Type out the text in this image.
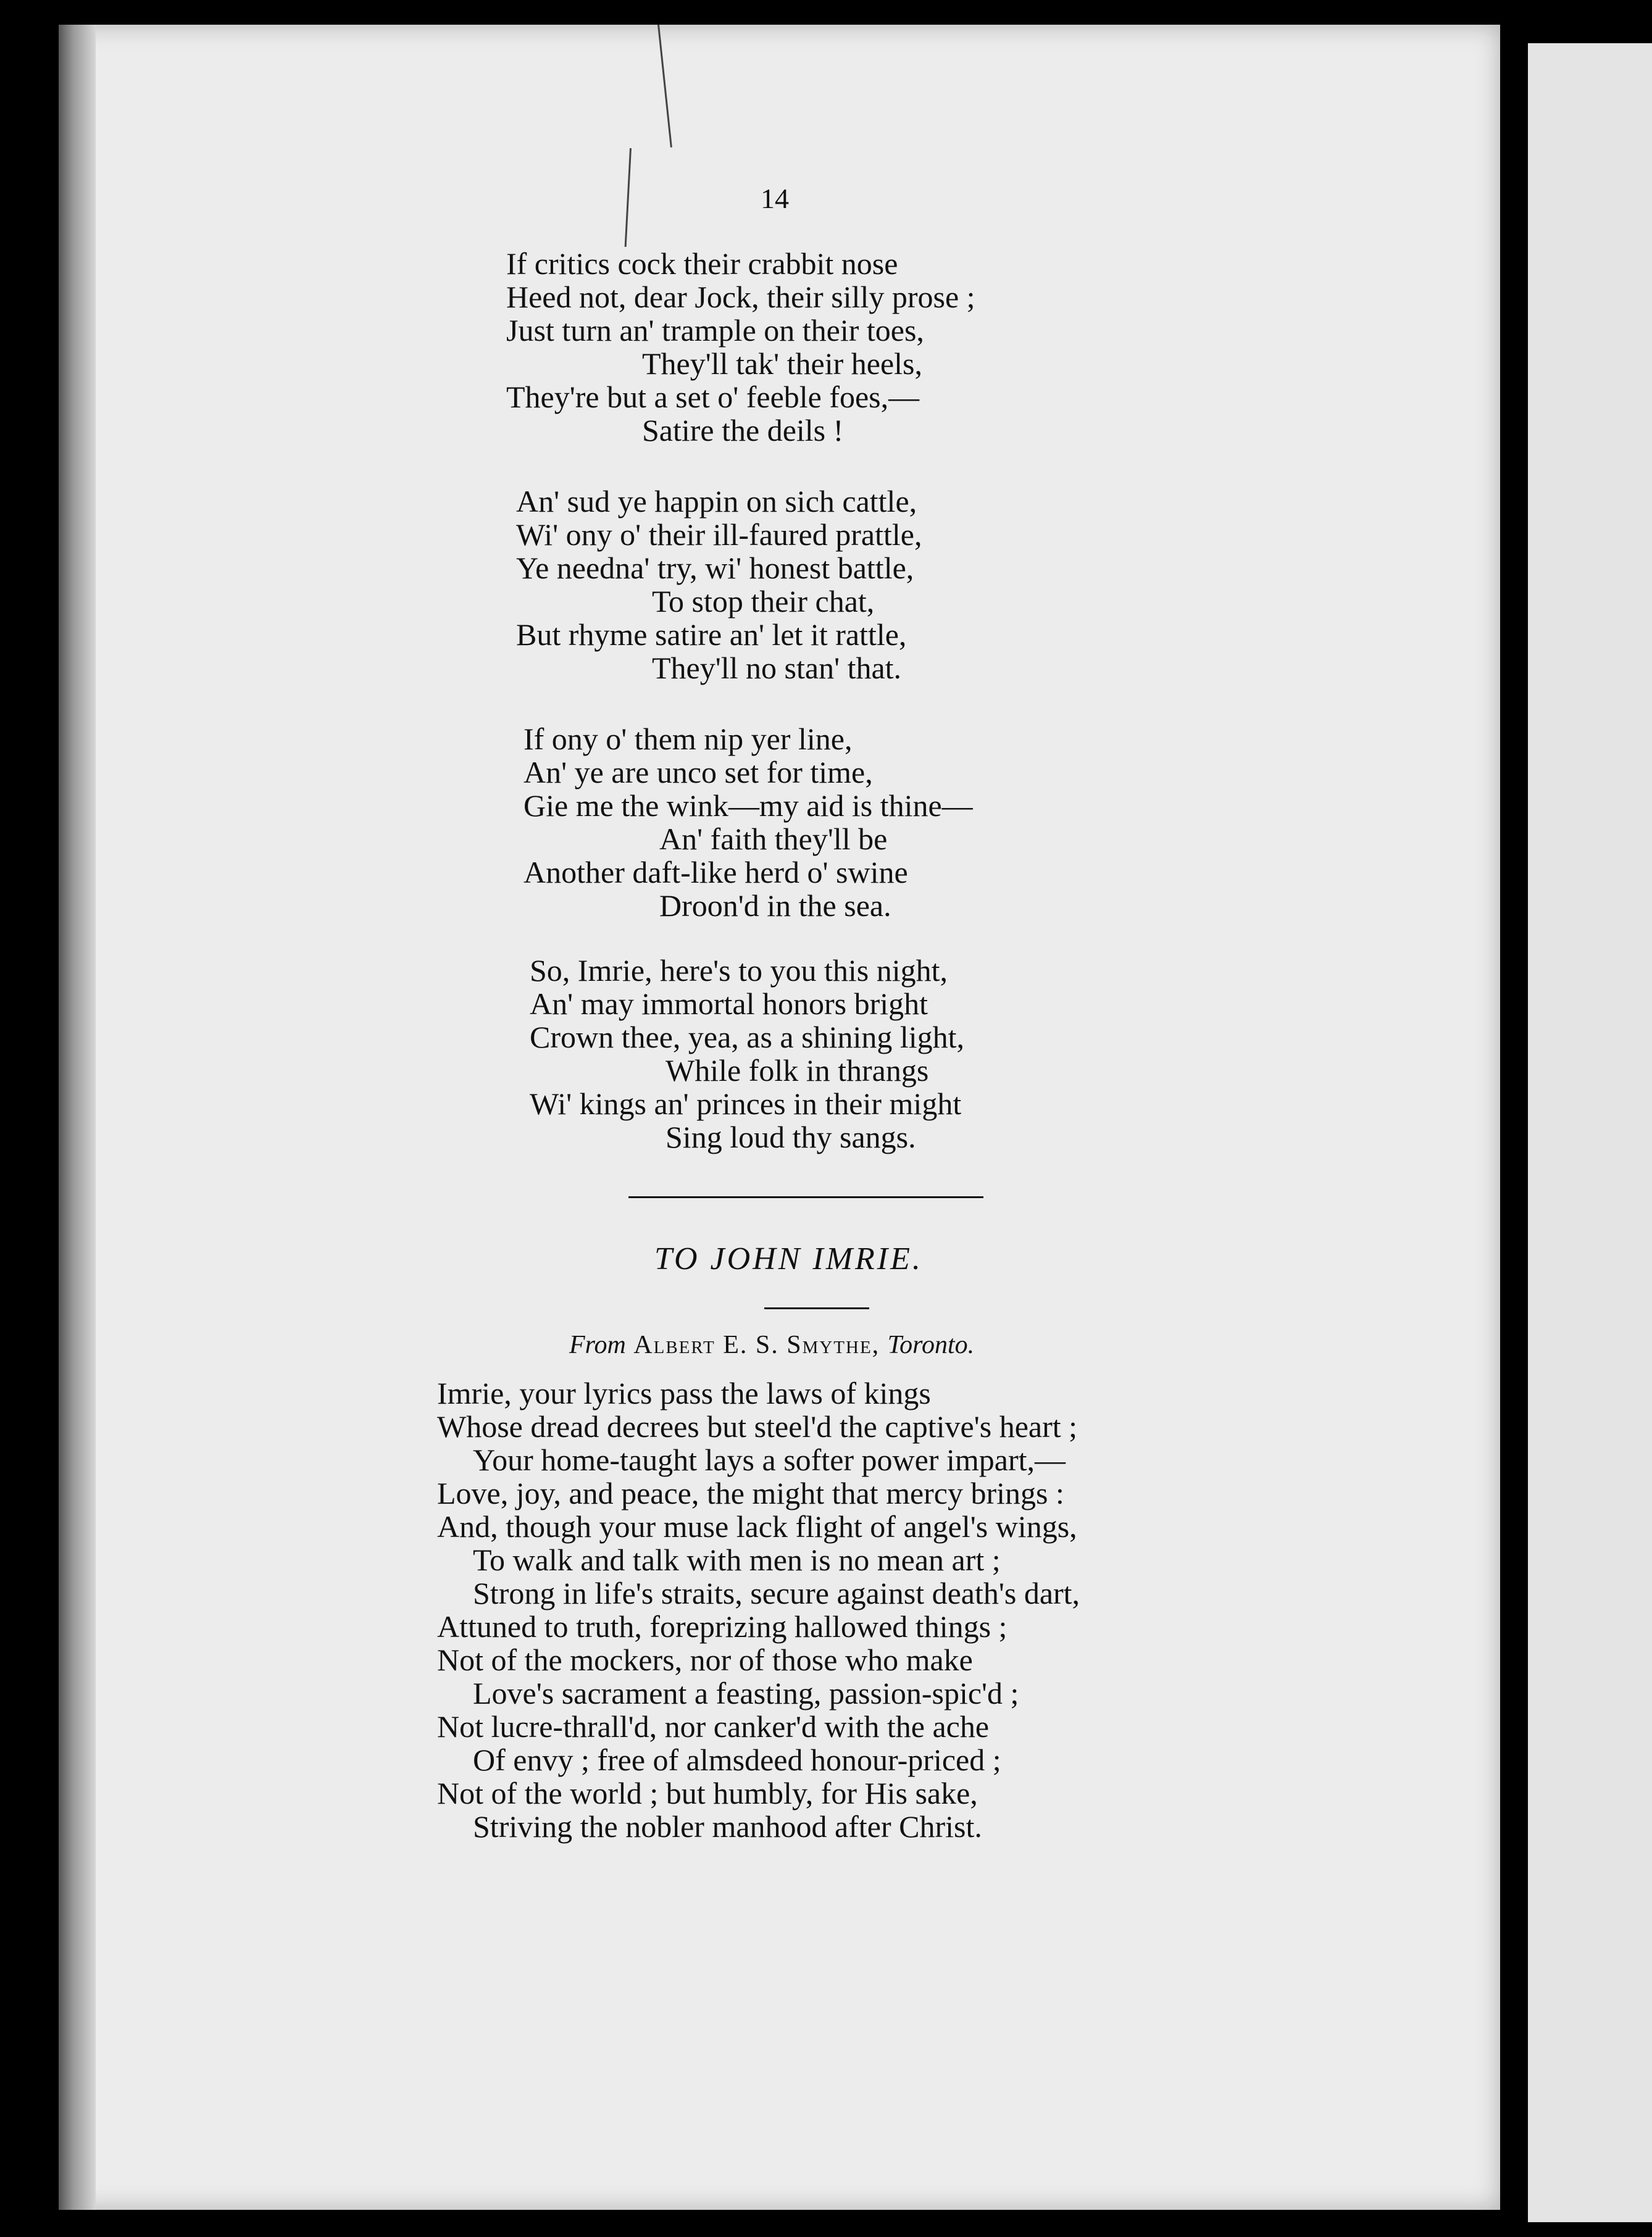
14
If critics cock their crabbit nose
Heed not, dear Jock, their silly prose ;
Just turn an' trample on their toes,
They'll tak' their heels,
They're but a set o' feeble foes,—
Satire the deils !
An' sud ye happin on sich cattle,
Wi' ony o' their ill-faured prattle,
Ye needna' try, wi' honest battle,
To stop their chat,
But rhyme satire an' let it rattle,
They'll no stan' that.
If ony o' them nip yer line,
An' ye are unco set for time,
Gie me the wink—my aid is thine—
An' faith they'll be
Another daft-like herd o' swine
Droon'd in the sea.
So, Imrie, here's to you this night,
An' may immortal honors bright
Crown thee, yea, as a shining light,
While folk in thrangs
Wi' kings an' princes in their might
Sing loud thy sangs.
TO JOHN IMRIE.
From Albert E. S. Smythe, Toronto.
Imrie, your lyrics pass the laws of kings
Whose dread decrees but steel'd the captive's heart ;
Your home-taught lays a softer power impart,—
Love, joy, and peace, the might that mercy brings :
And, though your muse lack flight of angel's wings,
To walk and talk with men is no mean art ;
Strong in life's straits, secure against death's dart,
Attuned to truth, foreprizing hallowed things ;
Not of the mockers, nor of those who make
Love's sacrament a feasting, passion-spic'd ;
Not lucre-thrall'd, nor canker'd with the ache
Of envy ; free of almsdeed honour-priced ;
Not of the world ; but humbly, for His sake,
Striving the nobler manhood after Christ.
